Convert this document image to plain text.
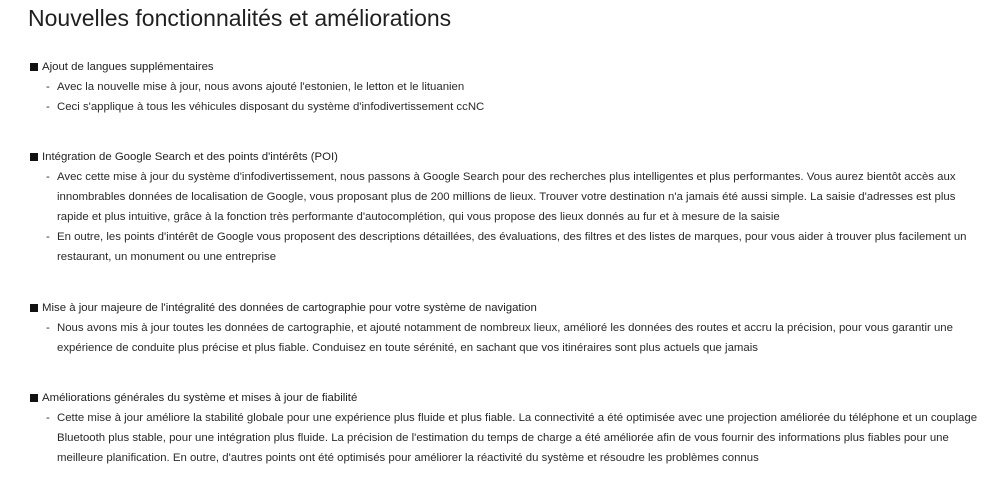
Nouvelles fonctionnalités et améliorations
Ajout de langues supplémentaires
- Avec la nouvelle mise à jour, nous avons ajouté l'estonien, le letton et le lituanien
- Ceci s'applique à tous les véhicules disposant du système d'infodivertissement ccNC
Intégration de Google Search et des points d'intérêts (POI)
- Avec cette mise à jour du système d'infodivertissement, nous passons à Google Search pour des recherches plus intelligentes et plus performantes. Vous aurez bientôt accès aux innombrables données de localisation de Google, vous proposant plus de 200 millions de lieux. Trouver votre destination n'a jamais été aussi simple. La saisie d'adresses est plus rapide et plus intuitive, grâce à la fonction très performante d'autocomplétion, qui vous propose des lieux donnés au fur et à mesure de la saisie
- En outre, les points d'intérêt de Google vous proposent des descriptions détaillées, des évaluations, des filtres et des listes de marques, pour vous aider à trouver plus facilement un restaurant, un monument ou une entreprise
Mise à jour majeure de l'intégralité des données de cartographie pour votre système de navigation
- Nous avons mis à jour toutes les données de cartographie, et ajouté notamment de nombreux lieux, amélioré les données des routes et accru la précision, pour vous garantir une expérience de conduite plus précise et plus fiable. Conduisez en toute sérénité, en sachant que vos itinéraires sont plus actuels que jamais
Améliorations générales du système et mises à jour de fiabilité
- Cette mise à jour améliore la stabilité globale pour une expérience plus fluide et plus fiable. La connectivité a été optimisée avec une projection améliorée du téléphone et un couplage Bluetooth plus stable, pour une intégration plus fluide. La précision de l'estimation du temps de charge a été améliorée afin de vous fournir des informations plus fiables pour une meilleure planification. En outre, d'autres points ont été optimisés pour améliorer la réactivité du système et résoudre les problèmes connus
